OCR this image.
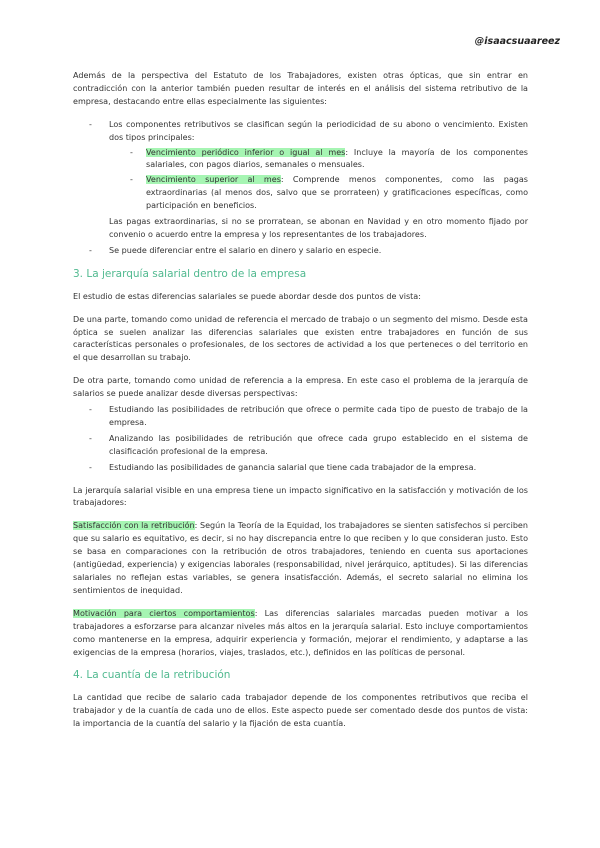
@isaacsuaareez

Además de la perspectiva del Estatuto de los Trabajadores, existen otras ópticas, que sin entrar en contradicción con la anterior también pueden resultar de interés en el análisis del sistema retributivo de la empresa, destacando entre ellas especialmente las siguientes:

- Los componentes retributivos se clasifican según la periodicidad de su abono o vencimiento. Existen dos tipos principales:
- Vencimiento periódico inferior o igual al mes: Incluye la mayoría de los componentes salariales, con pagos diarios, semanales o mensuales.
- Vencimiento superior al mes: Comprende menos componentes, como las pagas extraordinarias (al menos dos, salvo que se prorrateen) y gratificaciones específicas, como participación en beneficios.
Las pagas extraordinarias, si no se prorratean, se abonan en Navidad y en otro momento fijado por convenio o acuerdo entre la empresa y los representantes de los trabajadores.
- Se puede diferenciar entre el salario en dinero y salario en especie.
3. La jerarquía salarial dentro de la empresa

El estudio de estas diferencias salariales se puede abordar desde dos puntos de vista:

De una parte, tomando como unidad de referencia el mercado de trabajo o un segmento del mismo. Desde esta óptica se suelen analizar las diferencias salariales que existen entre trabajadores en función de sus características personales o profesionales, de los sectores de actividad a los que perteneces o del territorio en el que desarrollan su trabajo.

De otra parte, tomando como unidad de referencia a la empresa. En este caso el problema de la jerarquía de salarios se puede analizar desde diversas perspectivas:

- Estudiando las posibilidades de retribución que ofrece o permite cada tipo de puesto de trabajo de la empresa.
- Analizando las posibilidades de retribución que ofrece cada grupo establecido en el sistema de clasificación profesional de la empresa.
- Estudiando las posibilidades de ganancia salarial que tiene cada trabajador de la empresa.

La jerarquía salarial visible en una empresa tiene un impacto significativo en la satisfacción y motivación de los trabajadores:

Satisfacción con la retribución: Según la Teoría de la Equidad, los trabajadores se sienten satisfechos si perciben que su salario es equitativo, es decir, si no hay discrepancia entre lo que reciben y lo que consideran justo. Esto se basa en comparaciones con la retribución de otros trabajadores, teniendo en cuenta sus aportaciones (antigüedad, experiencia) y exigencias laborales (responsabilidad, nivel jerárquico, aptitudes). Si las diferencias salariales no reflejan estas variables, se genera insatisfacción. Además, el secreto salarial no elimina los sentimientos de inequidad.

Motivación para ciertos comportamientos: Las diferencias salariales marcadas pueden motivar a los trabajadores a esforzarse para alcanzar niveles más altos en la jerarquía salarial. Esto incluye comportamientos como mantenerse en la empresa, adquirir experiencia y formación, mejorar el rendimiento, y adaptarse a las exigencias de la empresa (horarios, viajes, traslados, etc.), definidos en las políticas de personal.

4. La cuantía de la retribución

La cantidad que recibe de salario cada trabajador depende de los componentes retributivos que reciba el trabajador y de la cuantía de cada uno de ellos. Este aspecto puede ser comentado desde dos puntos de vista: la importancia de la cuantía del salario y la fijación de esta cuantía.
